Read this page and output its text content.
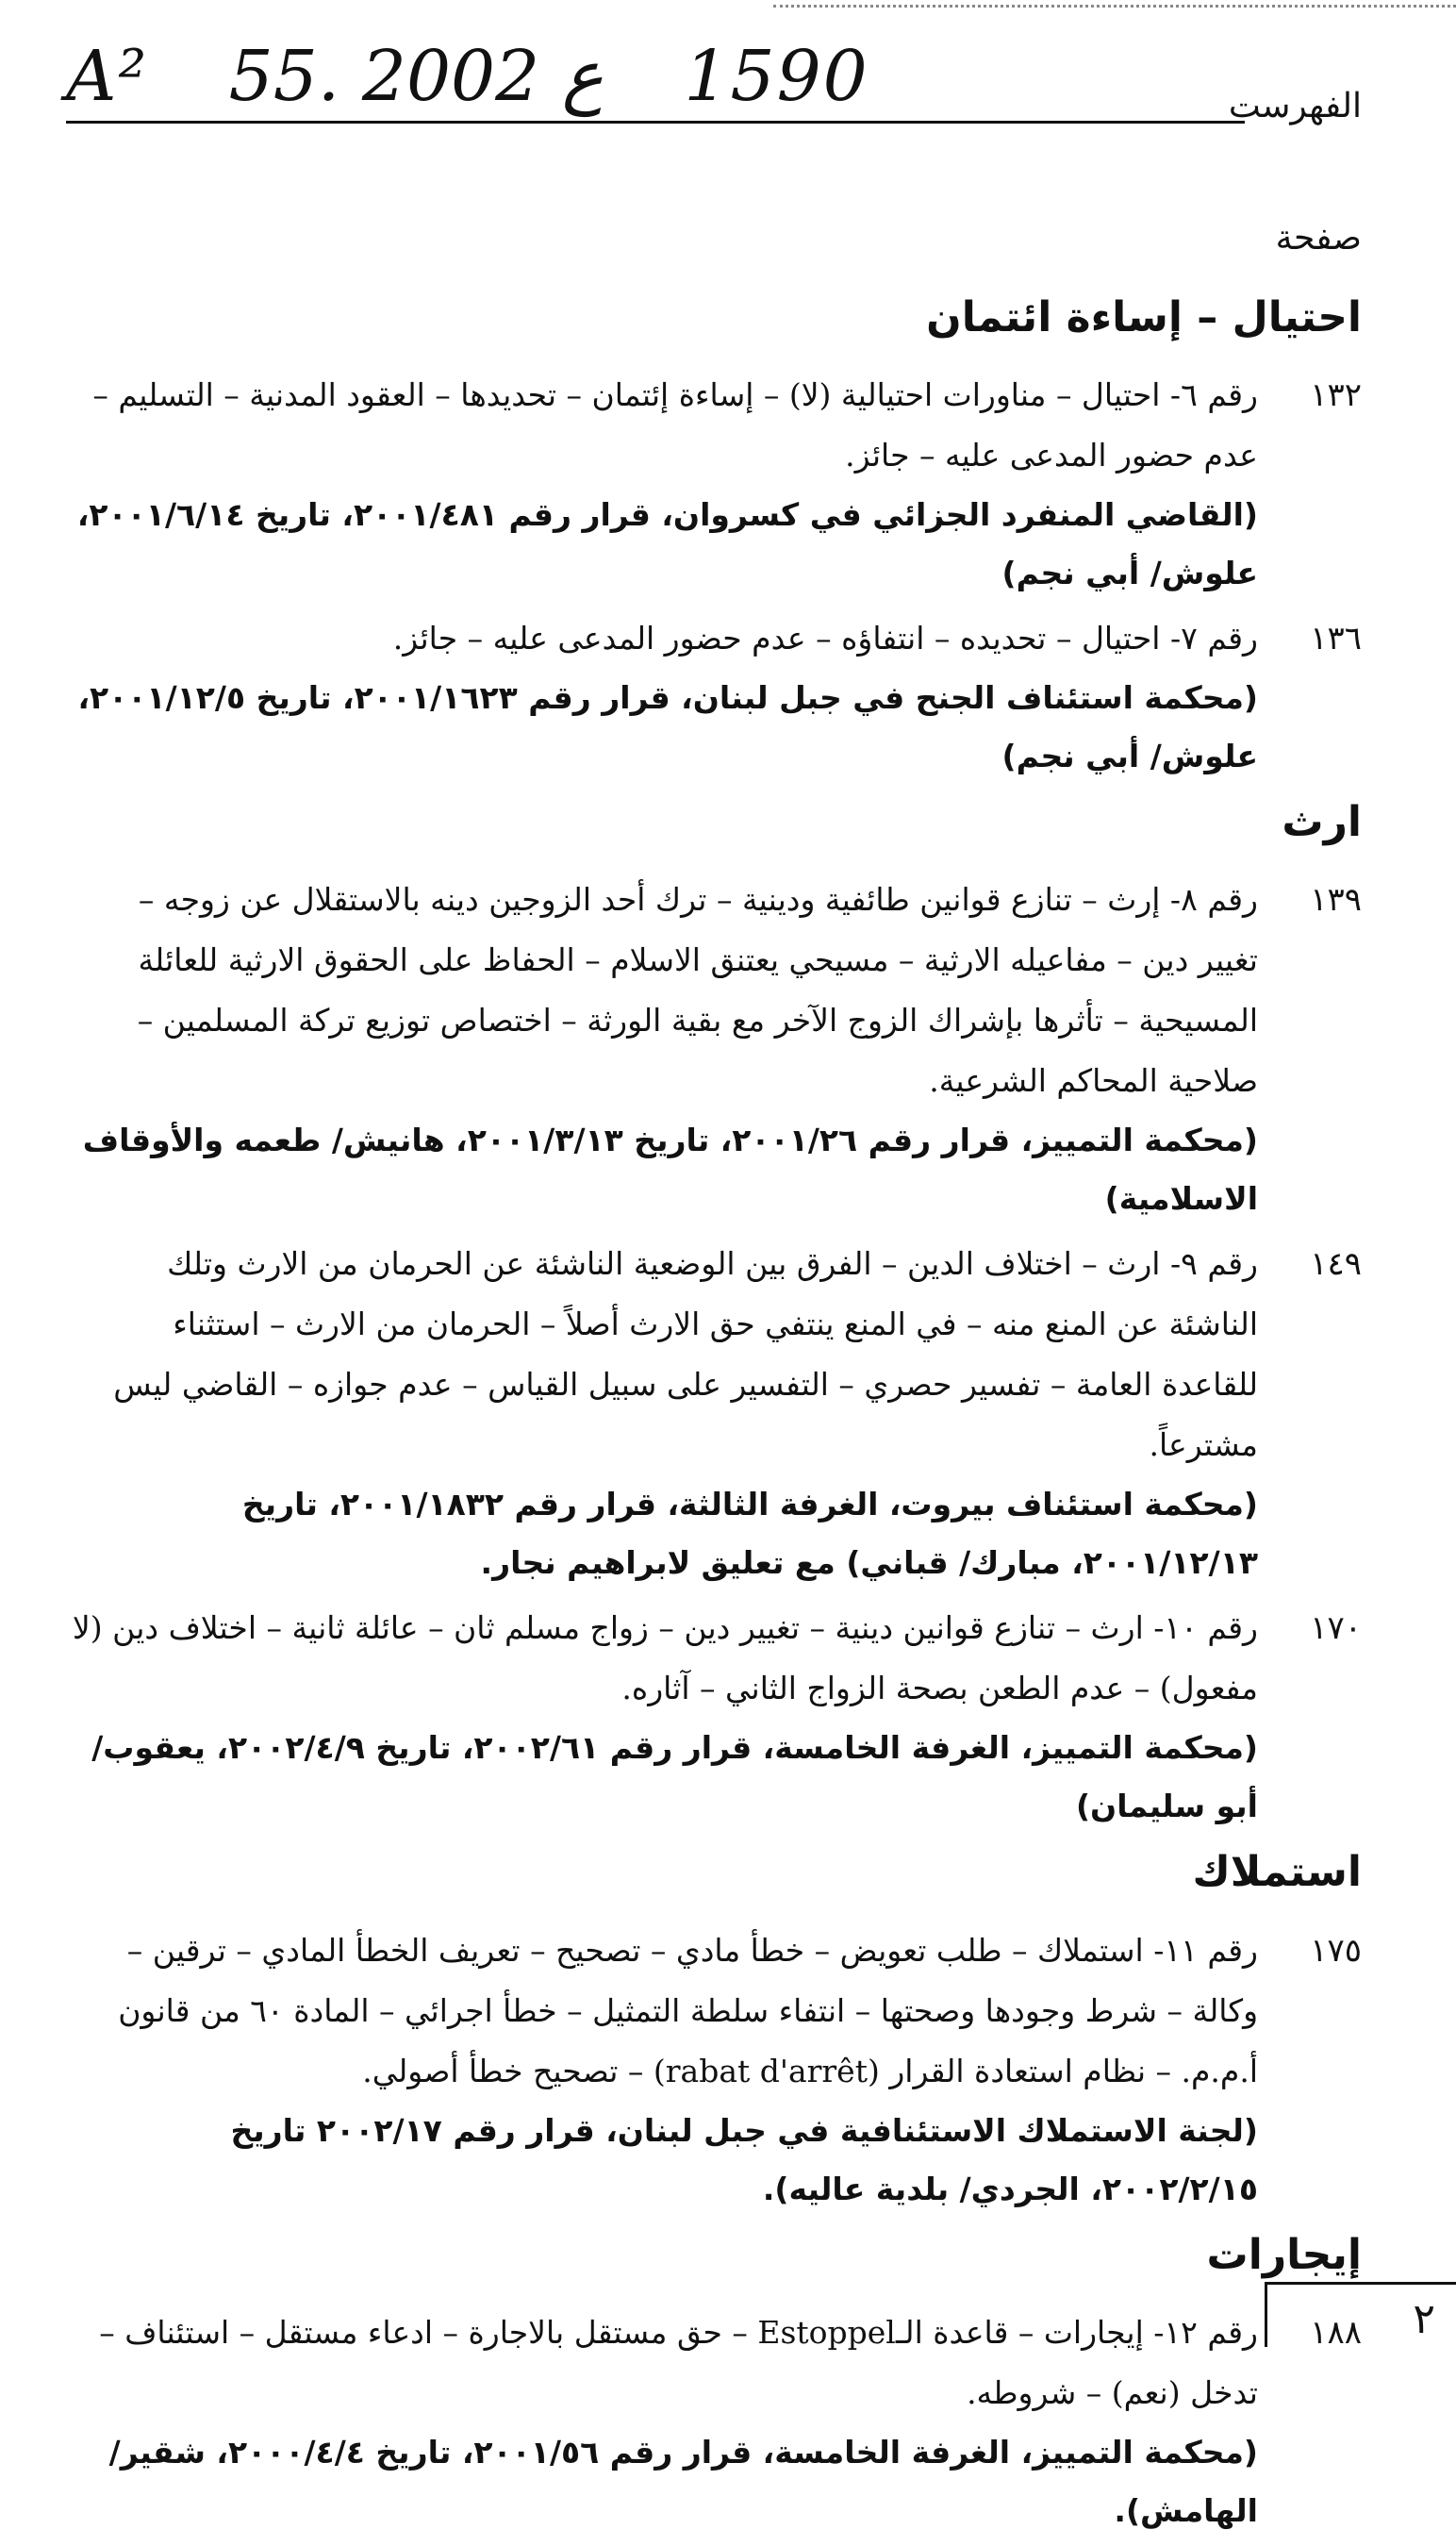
A² 55. ع 2002 1590	الفهرست
صفحة
احتيال – إساءة ائتمان
١٣٢
رقم ٦- احتيال – مناورات احتيالية (لا) – إساءة إئتمان – تحديدها – العقود المدنية – التسليم – عدم حضور المدعى عليه – جائز.
(القاضي المنفرد الجزائي في كسروان، قرار رقم ٢٠٠١/٤٨١، تاريخ ٢٠٠١/٦/١٤، علوش/ أبي نجم)
١٣٦
رقم ٧- احتيال – تحديده – انتفاؤه – عدم حضور المدعى عليه – جائز.
(محكمة استئناف الجنح في جبل لبنان، قرار رقم ٢٠٠١/١٦٢٣، تاريخ ٢٠٠١/١٢/٥، علوش/ أبي نجم)
ارث
١٣٩
رقم ٨- إرث – تنازع قوانين طائفية ودينية – ترك أحد الزوجين دينه بالاستقلال عن زوجه – تغيير دين – مفاعيله الارثية – مسيحي يعتنق الاسلام – الحفاظ على الحقوق الارثية للعائلة المسيحية – تأثرها بإشراك الزوج الآخر مع بقية الورثة – اختصاص توزيع تركة المسلمين – صلاحية المحاكم الشرعية.
(محكمة التمييز، قرار رقم ٢٠٠١/٢٦، تاريخ ٢٠٠١/٣/١٣، هانيش/ طعمه والأوقاف الاسلامية)
١٤٩
رقم ٩- ارث – اختلاف الدين – الفرق بين الوضعية الناشئة عن الحرمان من الارث وتلك الناشئة عن المنع منه – في المنع ينتفي حق الارث أصلاً – الحرمان من الارث – استثناء للقاعدة العامة – تفسير حصري – التفسير على سبيل القياس – عدم جوازه – القاضي ليس مشترعاً.
(محكمة استئناف بيروت، الغرفة الثالثة، قرار رقم ٢٠٠١/١٨٣٢، تاريخ ٢٠٠١/١٢/١٣، مبارك/ قباني) مع تعليق لابراهيم نجار.
١٧٠
رقم ١٠- ارث – تنازع قوانين دينية – تغيير دين – زواج مسلم ثان – عائلة ثانية – اختلاف دين (لا مفعول) – عدم الطعن بصحة الزواج الثاني – آثاره.
(محكمة التمييز، الغرفة الخامسة، قرار رقم ٢٠٠٢/٦١، تاريخ ٢٠٠٢/٤/٩، يعقوب/ أبو سليمان)
استملاك
١٧٥
رقم ١١- استملاك – طلب تعويض – خطأ مادي – تصحيح – تعريف الخطأ المادي – ترقين – وكالة – شرط وجودها وصحتها – انتفاء سلطة التمثيل – خطأ اجرائي – المادة ٦٠ من قانون أ.م.م. – نظام استعادة القرار (rabat d'arrêt) – تصحيح خطأ أصولي.
(لجنة الاستملاك الاستئنافية في جبل لبنان، قرار رقم ٢٠٠٢/١٧ تاريخ ٢٠٠٢/٢/١٥، الجردي/ بلدية عاليه).
إيجارات
١٨٨
رقم ١٢- إيجارات – قاعدة الـEstoppel – حق مستقل بالاجارة – ادعاء مستقل – استئناف – تدخل (نعم) – شروطه.
(محكمة التمييز، الغرفة الخامسة، قرار رقم ٢٠٠١/٥٦، تاريخ ٢٠٠٠/٤/٤، شقير/ الهامش).
٢
